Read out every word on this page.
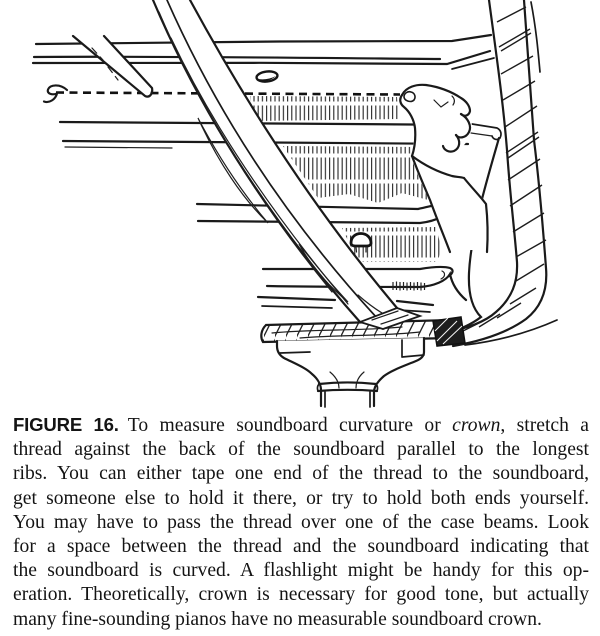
FIGURE 16. To measure soundboard curvature or crown, stretch a
thread against the back of the soundboard parallel to the longest
ribs. You can either tape one end of the thread to the soundboard,
get someone else to hold it there, or try to hold both ends yourself.
You may have to pass the thread over one of the case beams. Look
for a space between the thread and the soundboard indicating that
the soundboard is curved. A flashlight might be handy for this op-
eration. Theoretically, crown is necessary for good tone, but actually
many fine-sounding pianos have no measurable soundboard crown.
